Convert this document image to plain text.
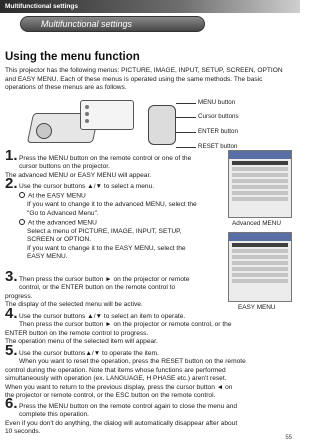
Multifunctional settings
Multifunctional settings
Using the menu function
This projector has the following menus: PICTURE, IMAGE, INPUT, SETUP, SCREEN, OPTION and EASY MENU. Each of these menus is operated using the same methods. The basic operations of these menus are as follows.
MENU button
Cursor buttons
ENTER button
RESET button
Advanced MENU
EASY MENU
1. Press the MENU button on the remote control or one of the
cursor buttons on the projector.
The advanced MENU or EASY MENU will appear.
2. Use the cursor buttons ▲/▼ to select a menu.
At the EASY MENU
If you want to change it to the advanced MENU, select the
"Go to Advanced Menu".
At the advanced MENU
Select a menu of PICTURE, IMAGE, INPUT, SETUP,
SCREEN or OPTION.
If you want to change it to the EASY MENU, select the
EASY MENU.
3. Then press the cursor button ► on the projector or remote
control, or the ENTER button on the remote control to
progress.
The display of the selected menu will be active.
4. Use the cursor buttons ▲/▼ to select an item to operate.
Then press the cursor button ► on the projector or remote control, or the
ENTER button on the remote control to progress.
The operation menu of the selected item will appear.
5. Use the cursor buttons▲/▼ to operate the item.
When you want to reset the operation, press the RESET button on the remote
control during the operation. Note that items whose functions are performed
simultaneously with operation (ex. LANGUAGE, H PHASE etc.) aren't reset.
When you want to return to the previous display, press the cursor button ◄ on
the projector or remote control, or the ESC button on the remote control.
6. Press the MENU button on the remote control again to close the menu and
complete this operation.
Even if you don't do anything, the dialog will automatically disappear after about
10 seconds.
55
